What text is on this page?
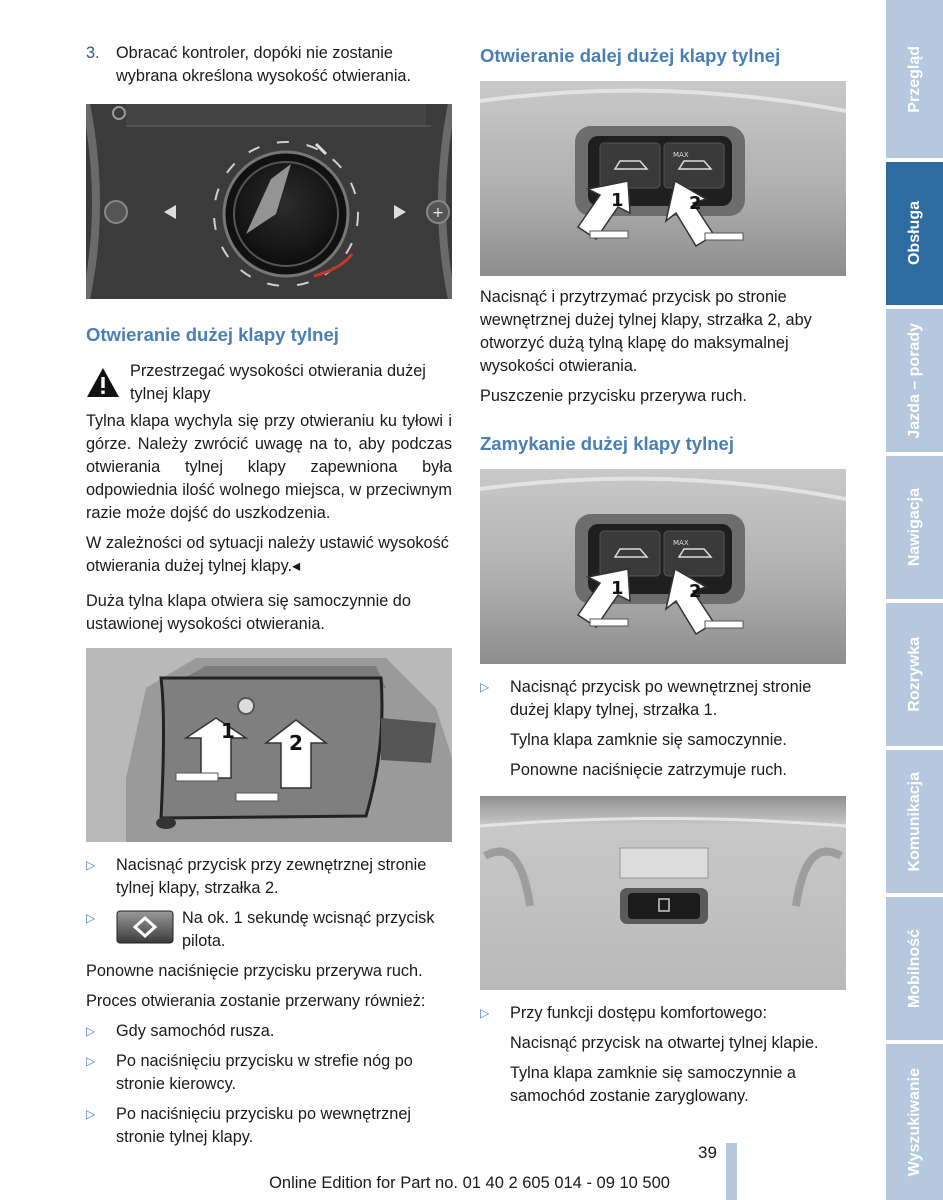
3.	Obracać kontroler, dopóki nie zostanie wybrana określona wysokość otwierania.
+
Otwieranie dużej klapy tylnej
Przestrzegać wysokości otwierania dużej tylnej klapy

Tylna klapa wychyla się przy otwieraniu ku tyłowi i górze. Należy zwrócić uwagę na to, aby podczas otwierania tylnej klapy zapewniona była odpowiednia ilość wolnego miejsca, w przeciwnym razie może dojść do uszkodzenia.

W zależności od sytuacji należy ustawić wysokość otwierania dużej tylnej klapy.◂

Duża tylna klapa otwiera się samoczynnie do ustawionej wysokości otwierania.

1	2
▷	Nacisnąć przycisk przy zewnętrznej stronie tylnej klapy, strzałka 2.
▷	Na ok. 1 sekundę wcisnąć przycisk pilota.

Ponowne naciśnięcie przycisku przerywa ruch.

Proces otwierania zostanie przerwany również:

▷	Gdy samochód rusza.
▷	Po naciśnięciu przycisku w strefie nóg po stronie kierowcy.
▷	Po naciśnięciu przycisku po wewnętrznej stronie tylnej klapy.
Otwieranie dalej dużej klapy tylnej
MAX
1	2

Nacisnąć i przytrzymać przycisk po stronie wewnętrznej dużej tylnej klapy, strzałka 2, aby otworzyć dużą tylną klapę do maksymalnej wysokości otwierania.

Puszczenie przycisku przerywa ruch.

Zamykanie dużej klapy tylnej
MAX
1	2
▷	Nacisnąć przycisk po wewnętrznej stronie dużej klapy tylnej, strzałka 1.
Tylna klapa zamknie się samoczynnie.
Ponowne naciśnięcie zatrzymuje ruch.
▷	Przy funkcji dostępu komfortowego:
Nacisnąć przycisk na otwartej tylnej klapie.
Tylna klapa zamknie się samoczynnie a samochód zostanie zaryglowany.
Przegląd
Obsługa
Jazda – porady
Nawigacja
Rozrywka
Komunikacja
Mobilność
Wyszukiwanie
39
Online Edition for Part no. 01 40 2 605 014 - 09 10 500
